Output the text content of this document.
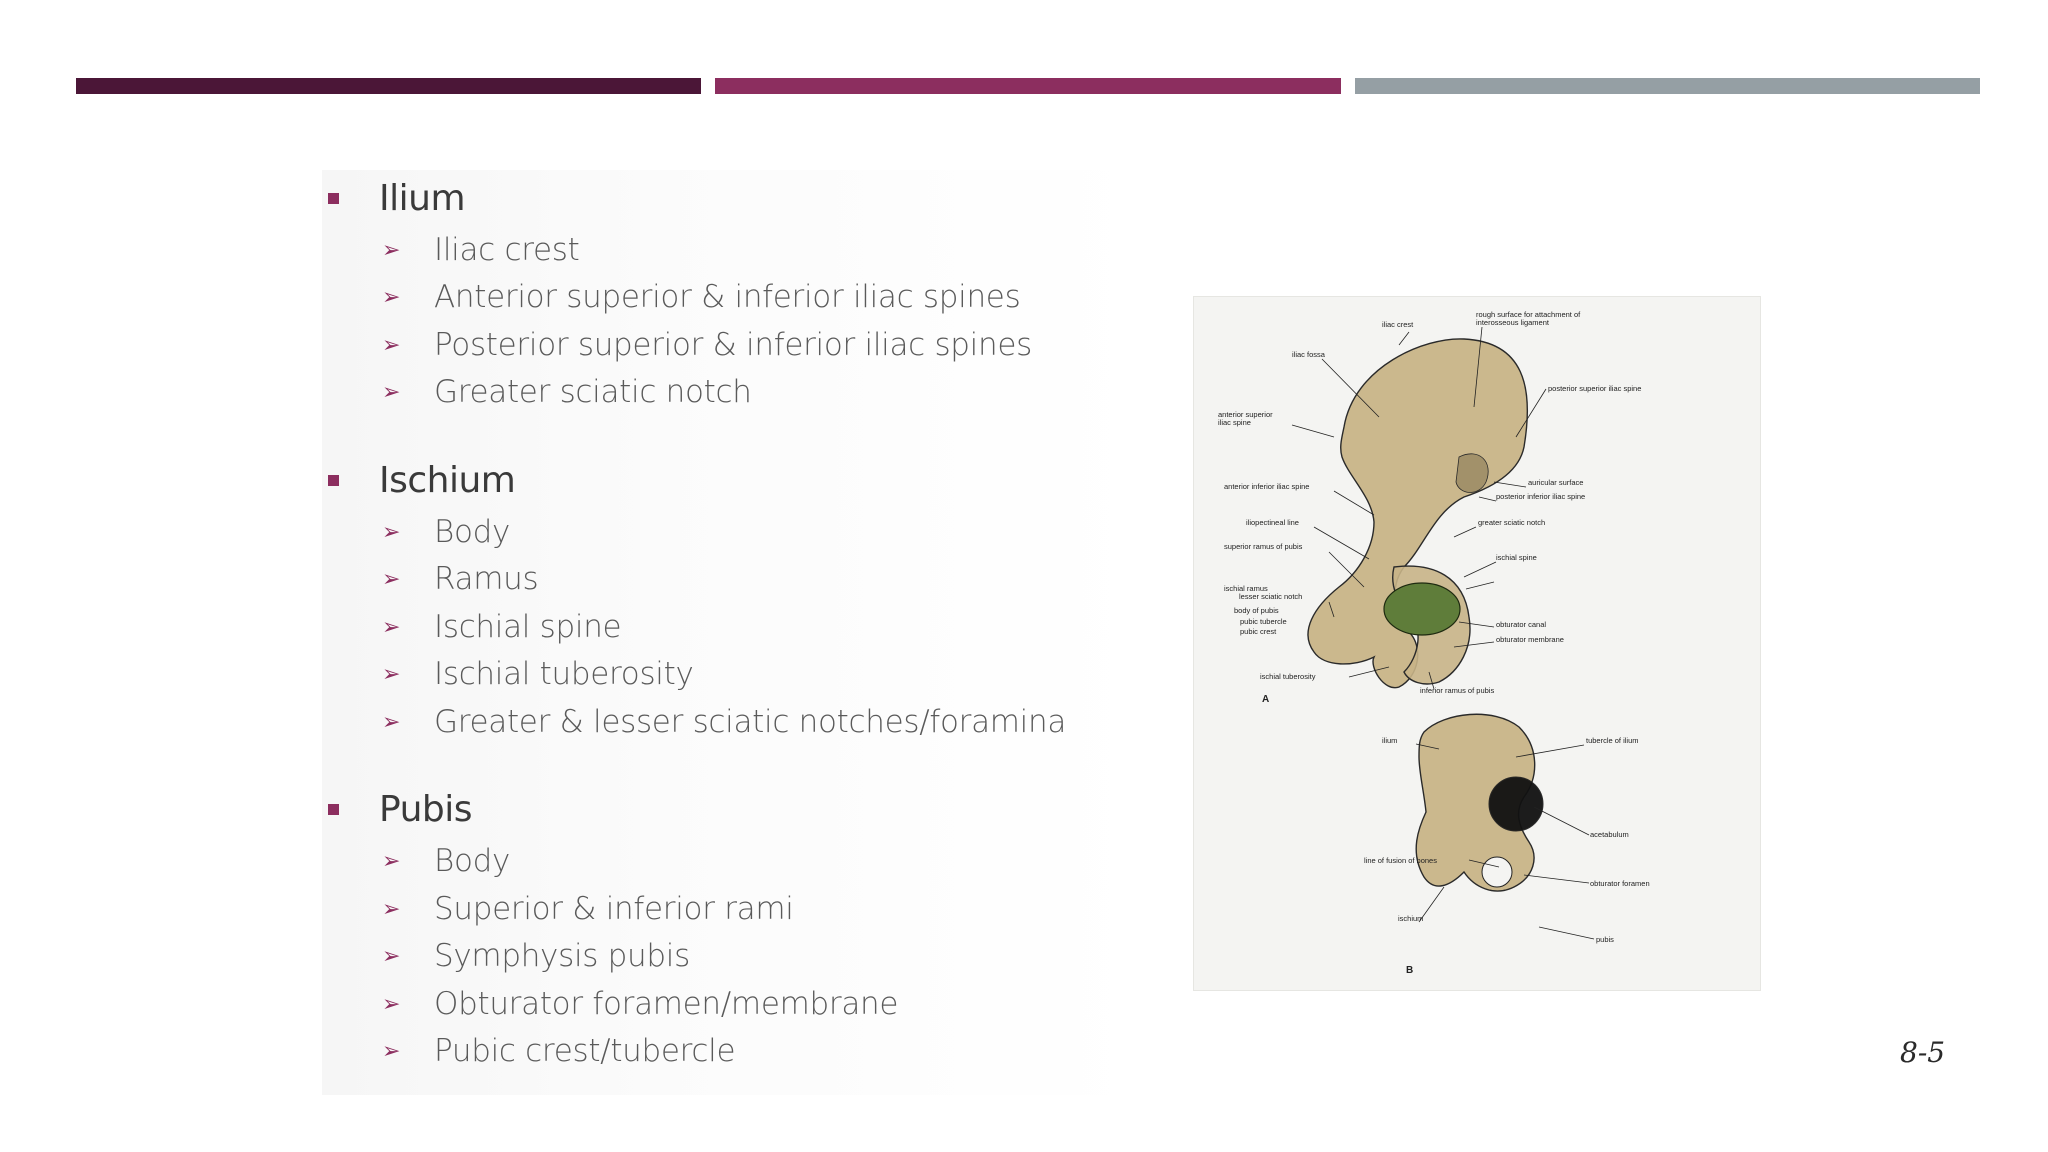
Ilium
➢ Iliac crest
➢ Anterior superior & inferior iliac spines
➢ Posterior superior & inferior iliac spines
➢ Greater sciatic notch
Ischium
➢ Body
➢ Ramus
➢ Ischial spine
➢ Ischial tuberosity
➢ Greater & lesser sciatic notches/foramina
Pubis
➢ Body
➢ Superior & inferior rami
➢ Symphysis pubis
➢ Obturator foramen/membrane
➢ Pubic crest/tubercle
iliac crest
rough surface for attachment of
interosseous ligament
iliac fossa
posterior superior iliac spine
anterior superior
iliac spine
anterior inferior iliac spine	auricular surface
posterior inferior iliac spine
iliopectineal line	greater sciatic notch
superior ramus of pubis
ischial spine
lesser sciatic notch
body of pubis
pubic tubercle
pubic crest
obturator canal
obturator membrane
ischial tuberosity
inferior ramus of pubis
ischial ramus
A
ilium	tubercle of ilium
acetabulum
line of fusion of bones
obturator foramen
ischium
pubis
B
8-5
